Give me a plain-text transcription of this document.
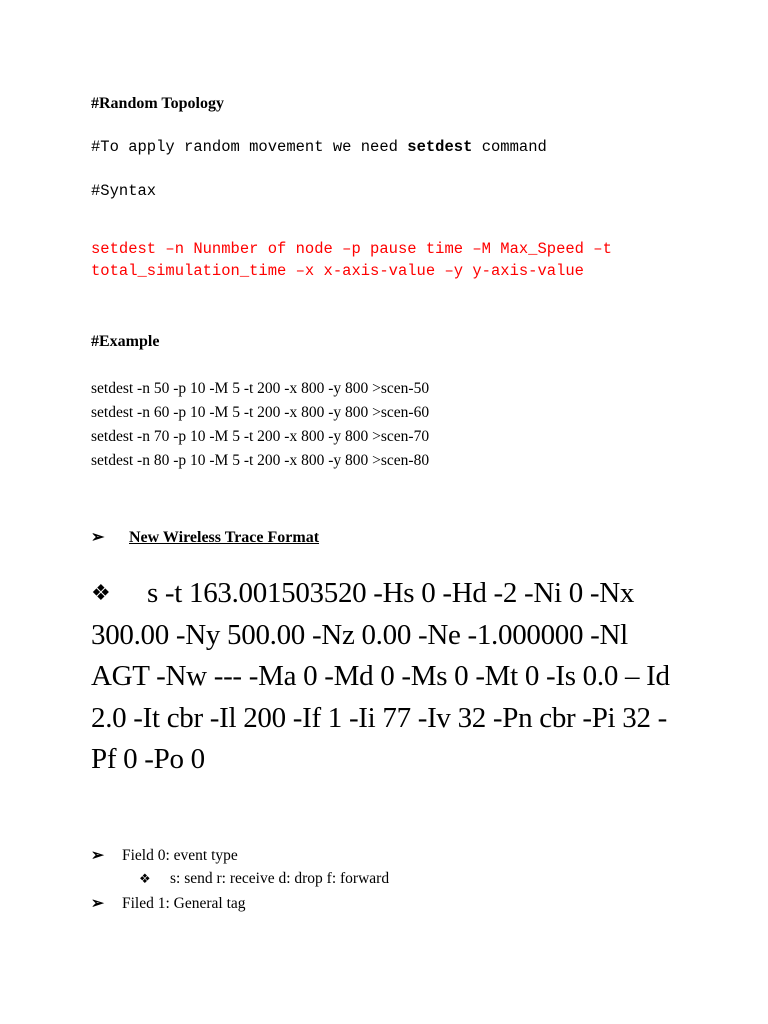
#Random Topology
#To apply random movement we need setdest command
#Syntax
setdest –n Nunmber of node –p pause time –M Max_Speed –t
total_simulation_time –x x-axis-value –y y-axis-value
#Example
setdest -n 50 -p 10 -M 5 -t 200 -x 800 -y 800 >scen-50
setdest -n 60 -p 10 -M 5 -t 200 -x 800 -y 800 >scen-60
setdest -n 70 -p 10 -M 5 -t 200 -x 800 -y 800 >scen-70
setdest -n 80 -p 10 -M 5 -t 200 -x 800 -y 800 >scen-80
➢ New Wireless Trace Format
❖ s -t 163.001503520 -Hs 0 -Hd -2 -Ni 0 -Nx 300.00 -Ny 500.00 -Nz 0.00 -Ne -1.000000 -Nl AGT -Nw --- -Ma 0 -Md 0 -Ms 0 -Mt 0 -Is 0.0 – Id 2.0 -It cbr -Il 200 -If 1 -Ii 77 -Iv 32 -Pn cbr -Pi 32 -Pf 0 -Po 0
➢ Field 0: event type
❖ s: send r: receive d: drop f: forward
➢ Filed 1: General tag
